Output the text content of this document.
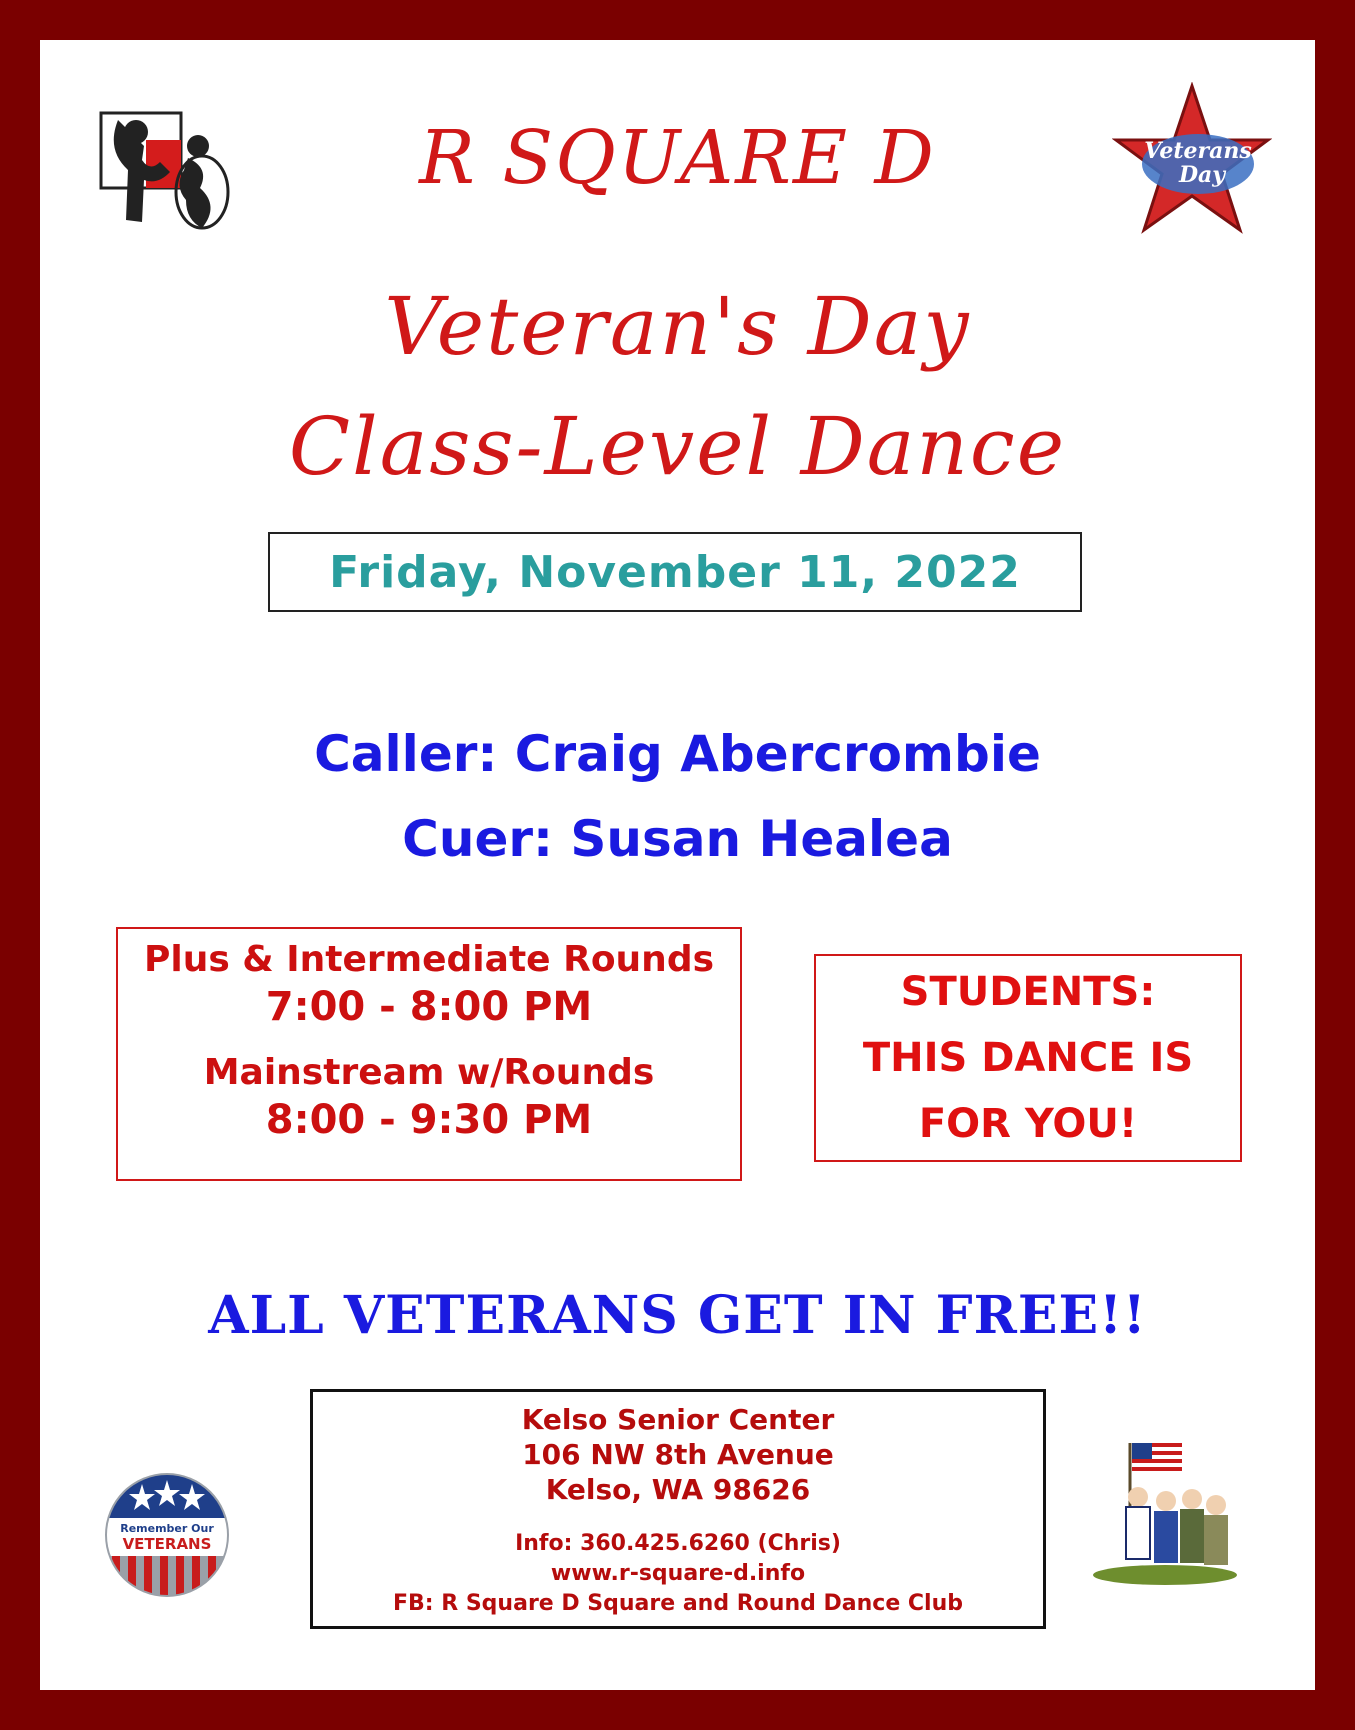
Veterans
Day
R SQUARE D
Veteran's Day
Class-Level Dance
Friday, November 11, 2022
Caller: Craig Abercrombie
Cuer: Susan Healea
Plus & Intermediate Rounds
7:00 - 8:00 PM
Mainstream w/Rounds
8:00 - 9:30 PM
STUDENTS:
THIS DANCE IS
FOR YOU!
ALL VETERANS GET IN FREE!!
Remember Our
VETERANS
Kelso Senior Center
106 NW 8th Avenue
Kelso, WA 98626
Info: 360.425.6260 (Chris)
www.r-square-d.info
FB: R Square D Square and Round Dance Club
